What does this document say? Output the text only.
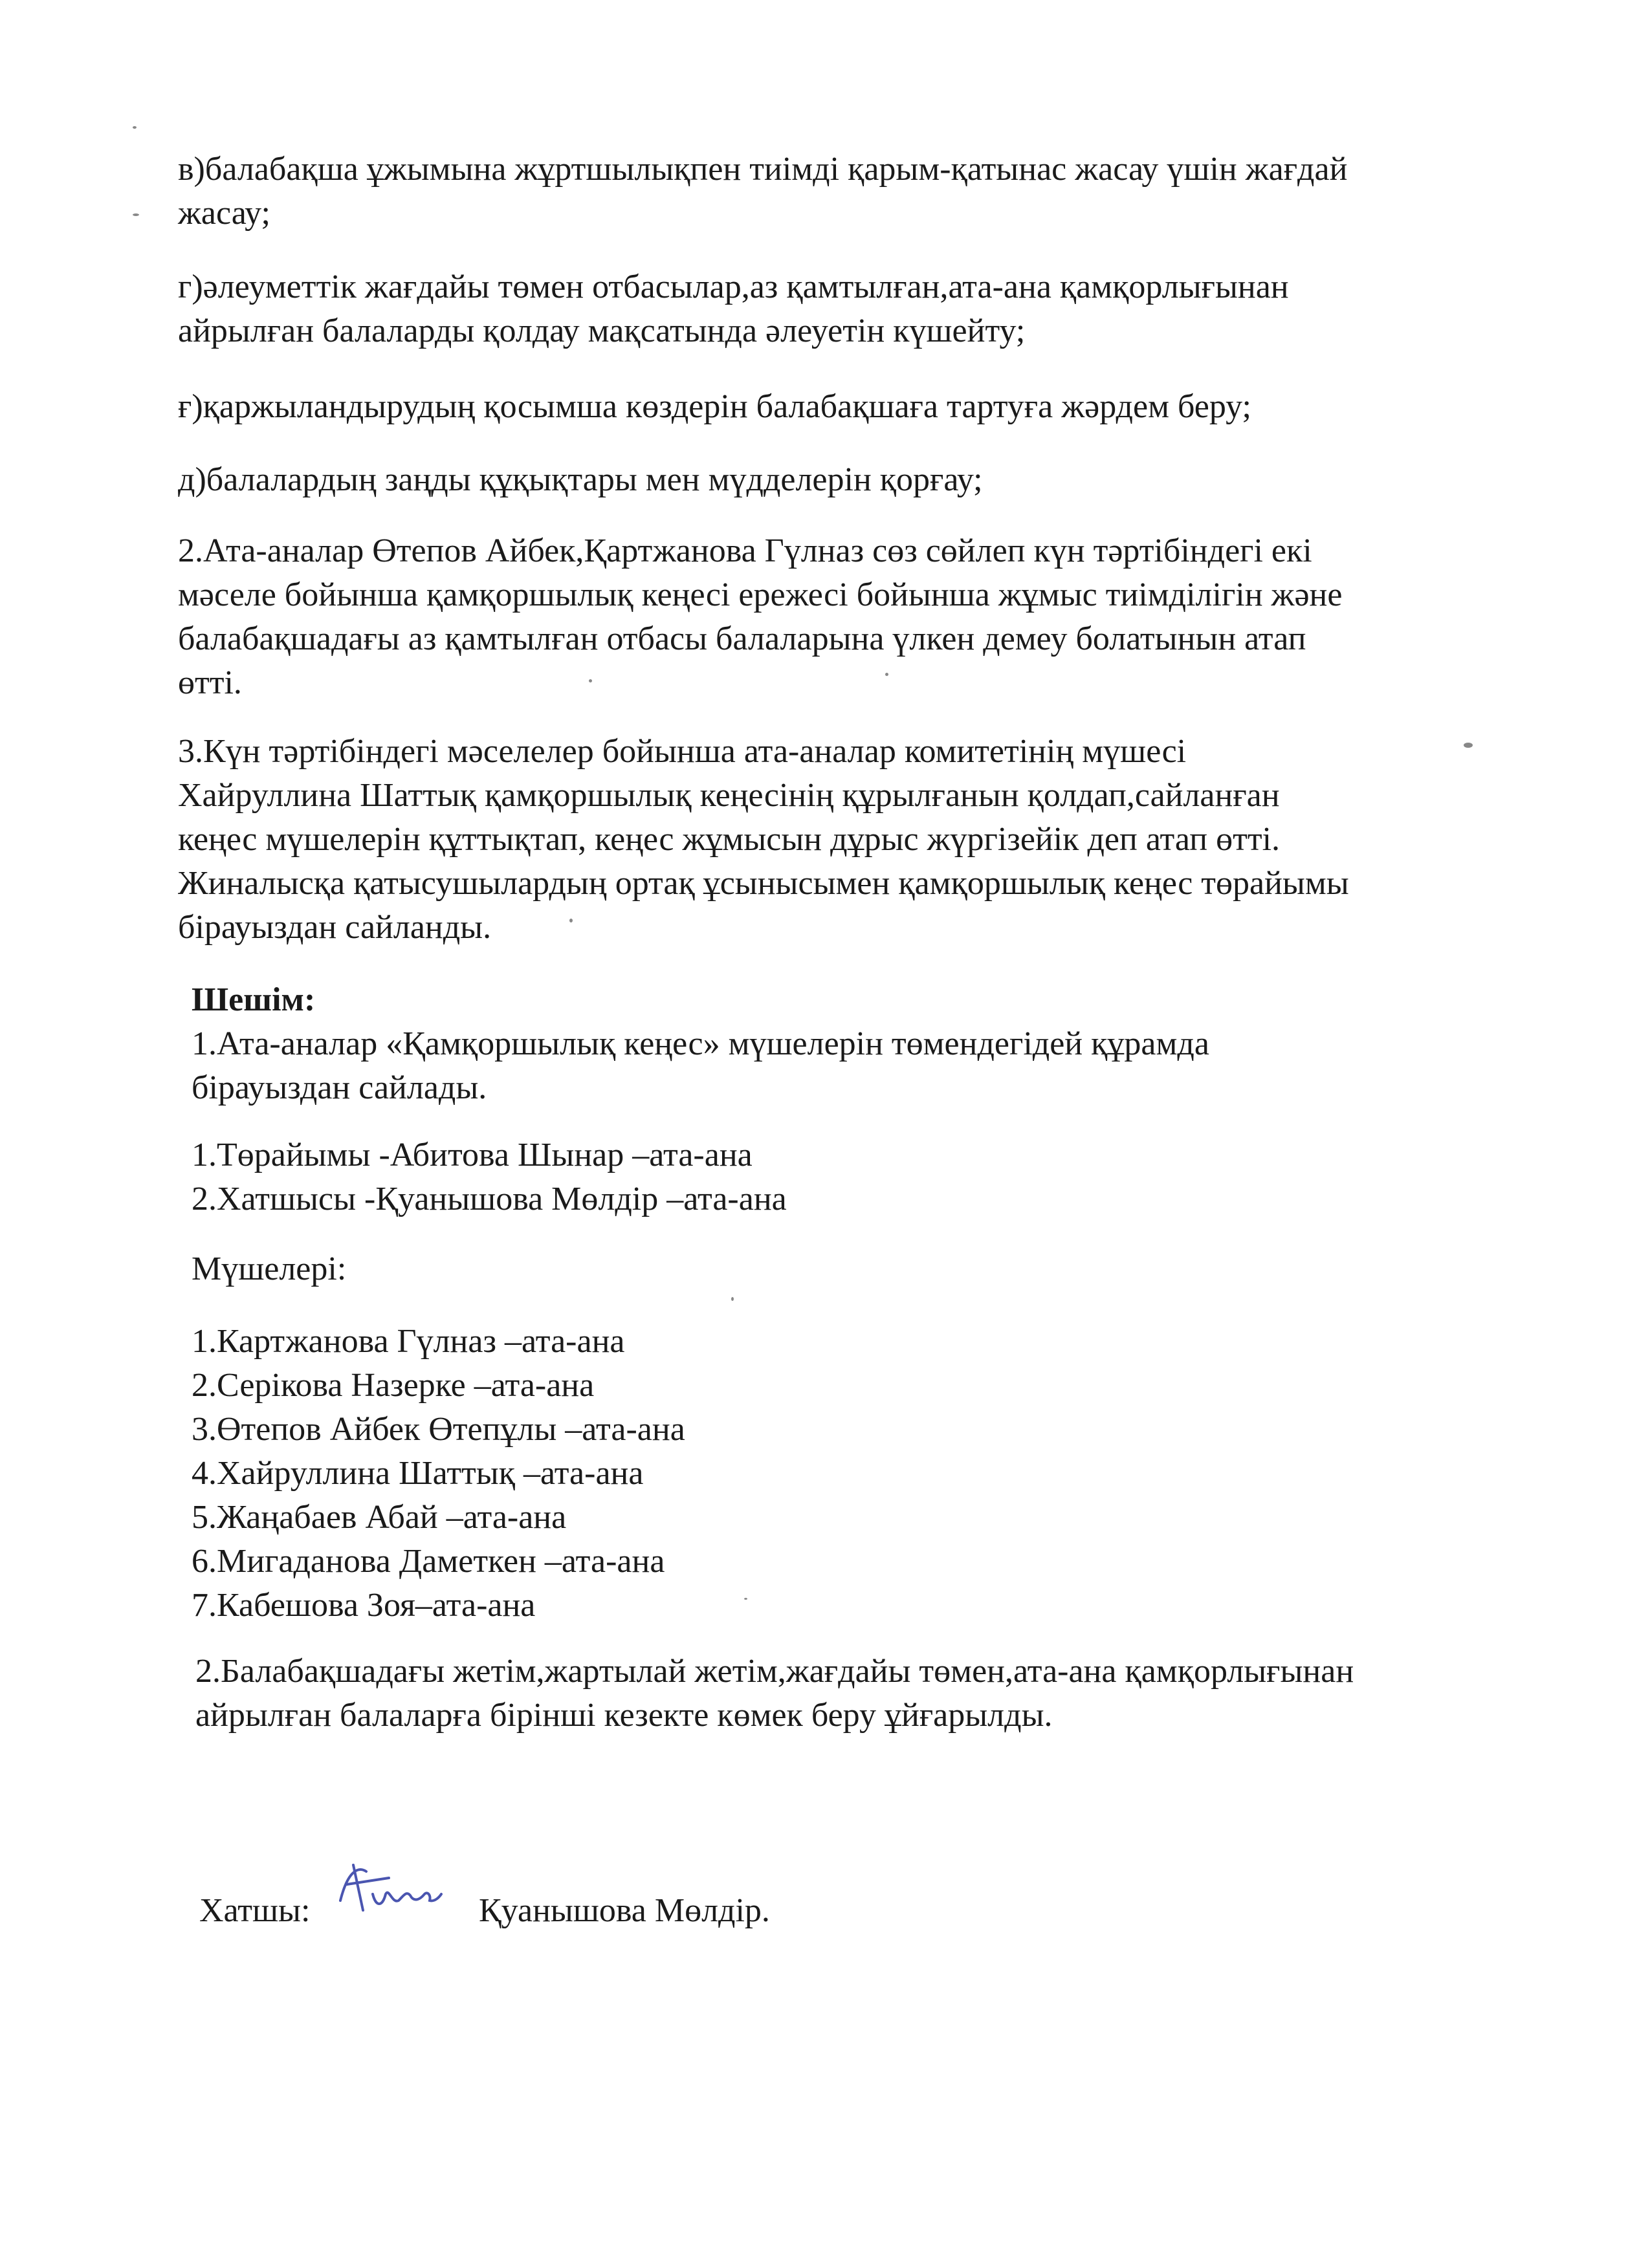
в)балабақша ұжымына жұртшылықпен тиімді қарым-қатынас жасау үшін жағдай
жасау;
г)әлеуметтік жағдайы төмен отбасылар,аз қамтылған,ата-ана қамқорлығынан
айрылған балаларды қолдау мақсатында әлеуетін күшейту;
ғ)қаржыландырудың қосымша көздерін балабақшаға тартуға жәрдем беру;
д)балалардың заңды құқықтары мен мүдделерін қорғау;
2.Ата-аналар Өтепов Айбек,Қартжанова Гүлназ сөз сөйлеп күн тәртібіндегі екі
мәселе бойынша қамқоршылық кеңесі ережесі бойынша жұмыс тиімділігін және
балабақшадағы аз қамтылған отбасы балаларына үлкен демеу болатынын атап
өтті.
3.Күн тәртібіндегі мәселелер бойынша ата-аналар комитетінің мүшесі
Хайруллина Шаттық қамқоршылық кеңесінің құрылғанын қолдап,сайланған
кеңес мүшелерін құттықтап, кеңес жұмысын дұрыс жүргізейік деп атап өтті.
Жиналысқа қатысушылардың ортақ ұсынысымен қамқоршылық кеңес төрайымы
бірауыздан сайланды.
Шешім:
1.Ата-аналар «Қамқоршылық кеңес» мүшелерін төмендегідей құрамда
бірауыздан сайлады.
1.Төрайымы -Абитова Шынар –ата-ана
2.Хатшысы -Қуанышова Мөлдір –ата-ана
Мүшелері:
1.Картжанова Гүлназ –ата-ана
2.Серікова Назерке –ата-ана
3.Өтепов Айбек Өтепұлы –ата-ана
4.Хайруллина Шаттық –ата-ана
5.Жаңабаев Абай –ата-ана
6.Мигаданова Даметкен –ата-ана
7.Кабешова Зоя–ата-ана
2.Балабақшадағы жетім,жартылай жетім,жағдайы төмен,ата-ана қамқорлығынан
айрылған балаларға бірінші кезекте көмек беру ұйғарылды.
Хатшы:	Қуанышова Мөлдір.
